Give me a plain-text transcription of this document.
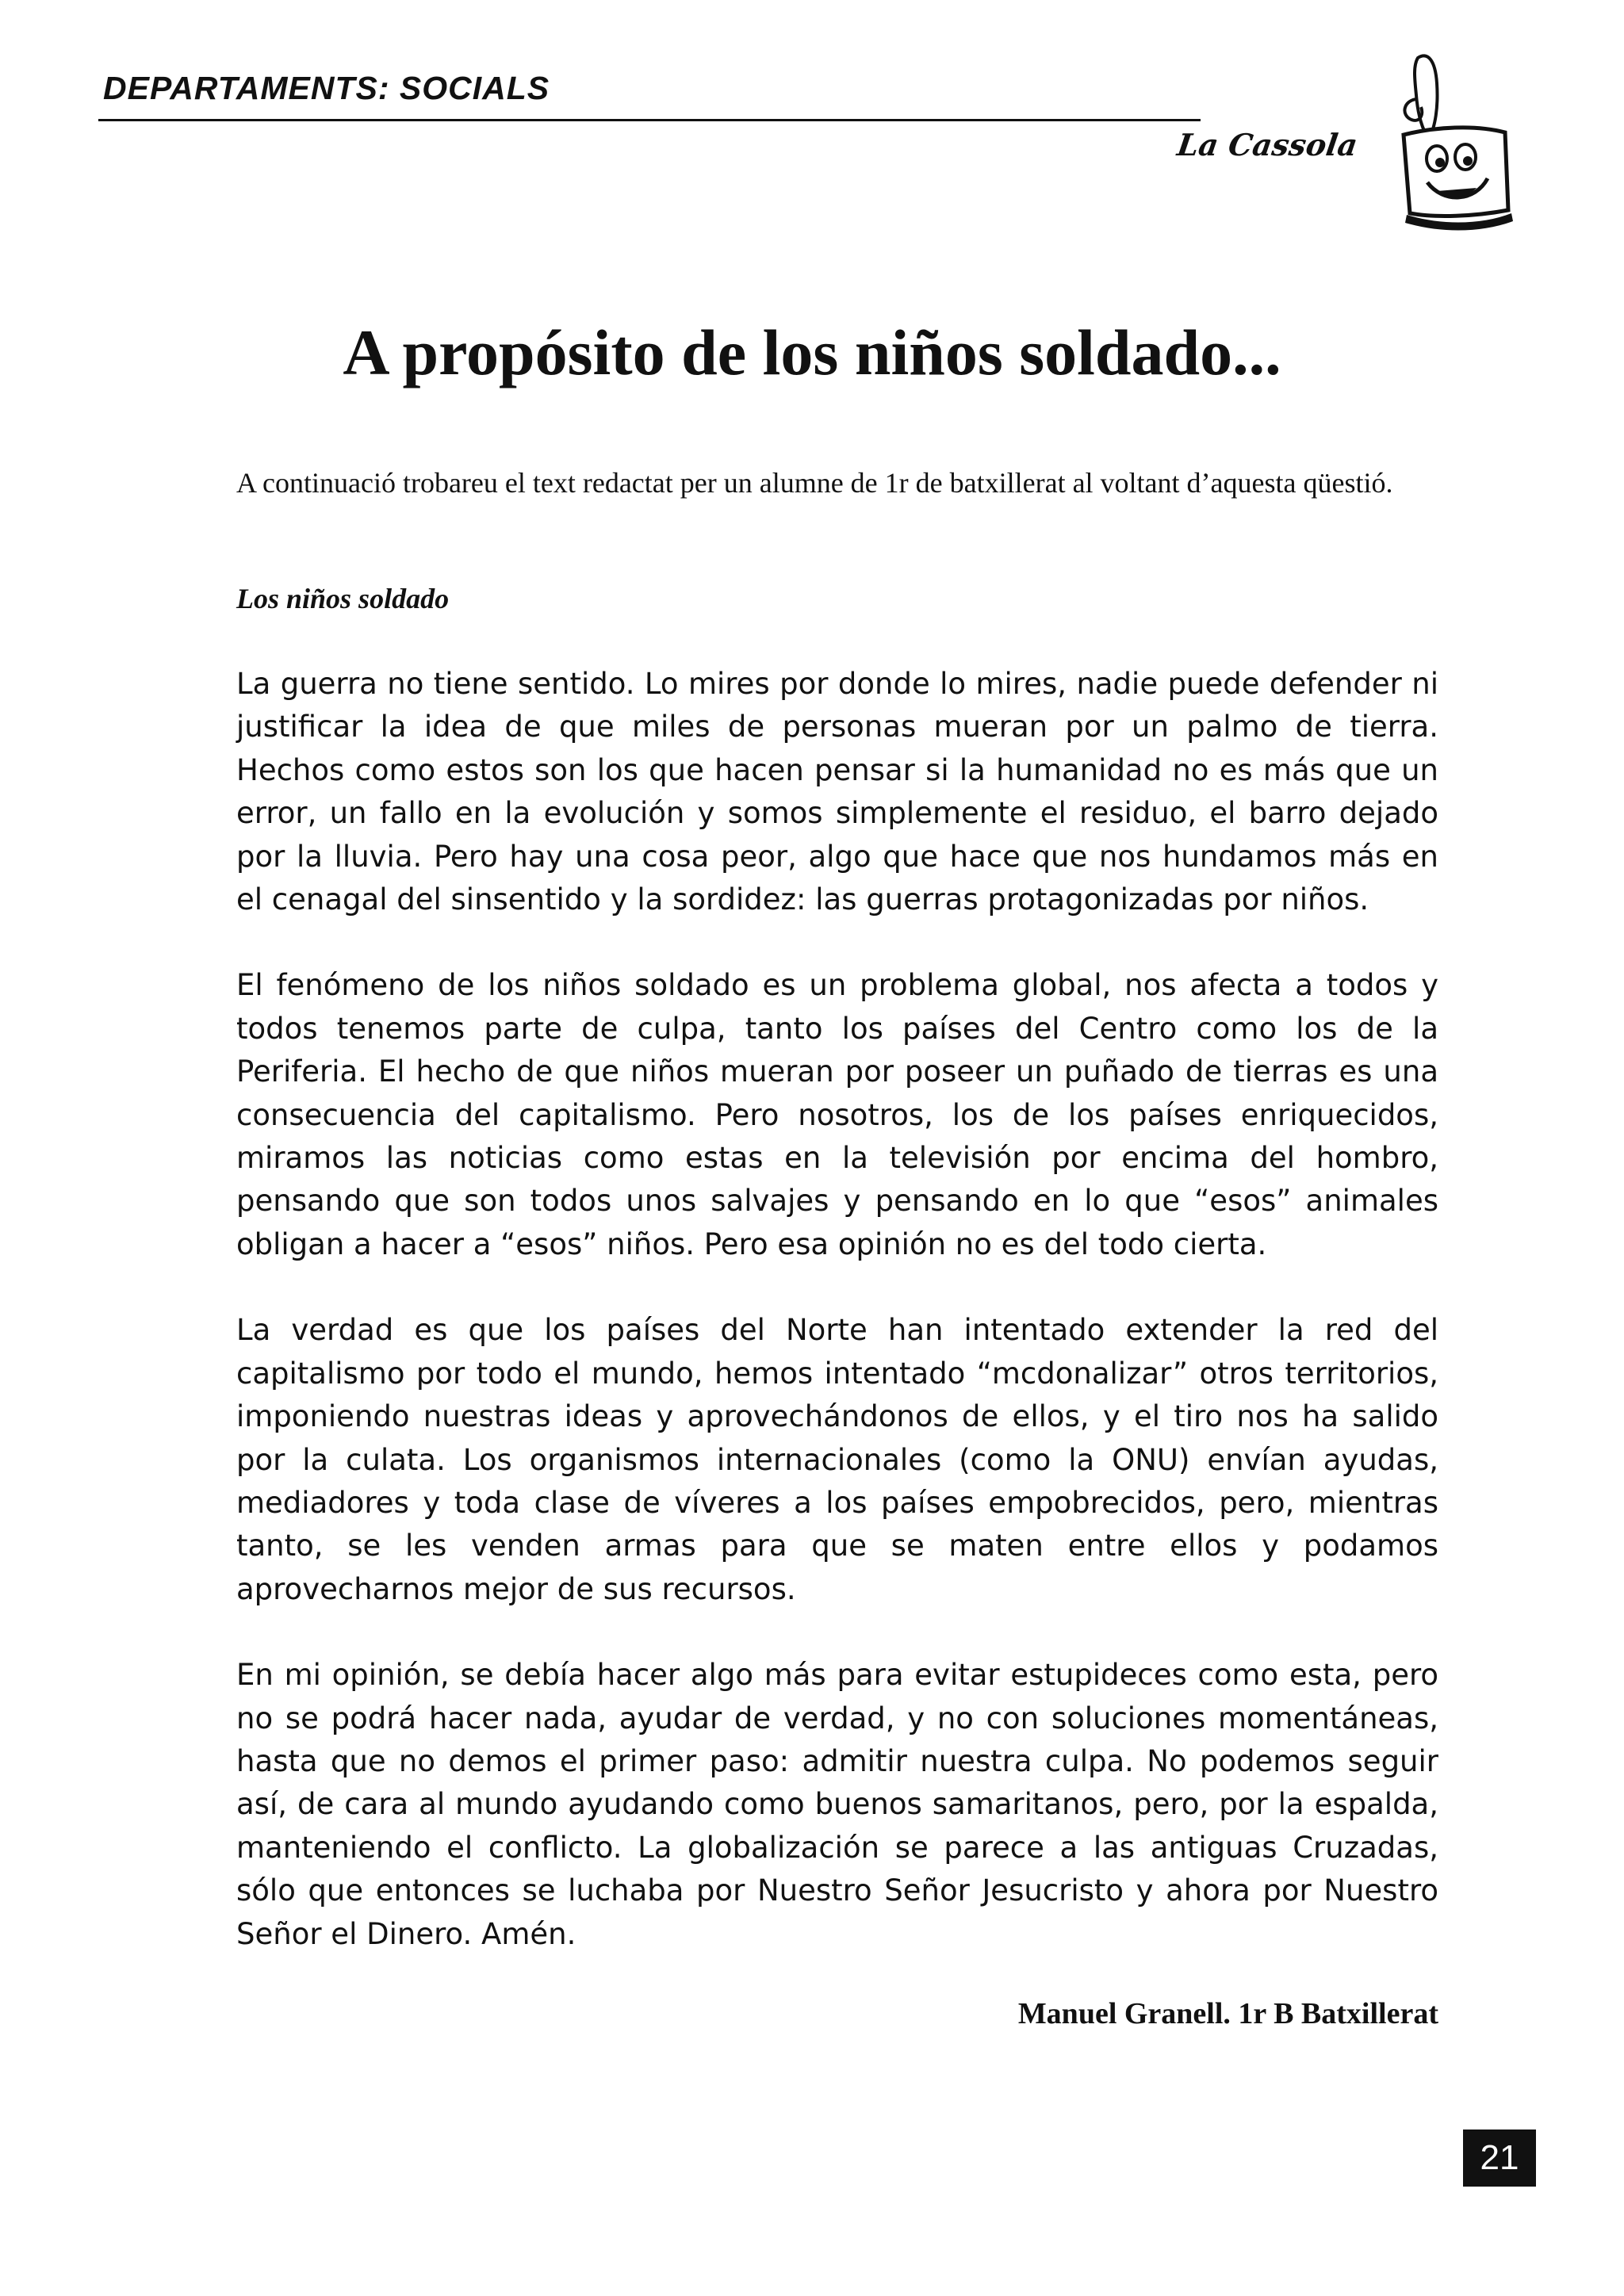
DEPARTAMENTS: SOCIALS
La Cassola
A propósito de los niños soldado...
A continuació trobareu el text redactat per un alumne de 1r de batxillerat al voltant d’aquesta qüestió.
Los niños soldado

La guerra no tiene sentido. Lo mires por donde lo mires, nadie puede defender ni justificar la idea de que miles de personas mueran por un palmo de tierra. Hechos como estos son los que hacen pensar si la humanidad no es más que un error, un fallo en la evolución y somos simplemente el residuo, el barro dejado por la lluvia. Pero hay una cosa peor, algo que hace que nos hundamos más en el cenagal del sinsentido y la sordidez: las guerras protagonizadas por niños.

El fenómeno de los niños soldado es un problema global, nos afecta a todos y todos tenemos parte de culpa, tanto los países del Centro como los de la Periferia. El hecho de que niños mueran por poseer un puñado de tierras es una consecuencia del capitalismo. Pero nosotros, los de los países enriquecidos, miramos las noticias como estas en la televisión por encima del hombro, pensando que son todos unos salvajes y pensando en lo que “esos” animales obligan a hacer a “esos” niños. Pero esa opinión no es del todo cierta.

La verdad es que los países del Norte han intentado extender la red del capitalismo por todo el mundo, hemos intentado “mcdonalizar” otros territorios, imponiendo nuestras ideas y aprovechándonos de ellos, y el tiro nos ha salido por la culata. Los organismos internacionales (como la ONU) envían ayudas, mediadores y toda clase de víveres a los países empobrecidos, pero, mientras tanto, se les venden armas para que se maten entre ellos y podamos aprovecharnos mejor de sus recursos.

En mi opinión, se debía hacer algo más para evitar estupideces como esta, pero no se podrá hacer nada, ayudar de verdad, y no con soluciones momentáneas, hasta que no demos el primer paso: admitir nuestra culpa. No podemos seguir así, de cara al mundo ayudando como buenos samaritanos, pero, por la espalda, manteniendo el conflicto. La globalización se parece a las antiguas Cruzadas, sólo que entonces se luchaba por Nuestro Señor Jesucristo y ahora por Nuestro Señor el Dinero. Amén.

Manuel Granell. 1r B Batxillerat
21
